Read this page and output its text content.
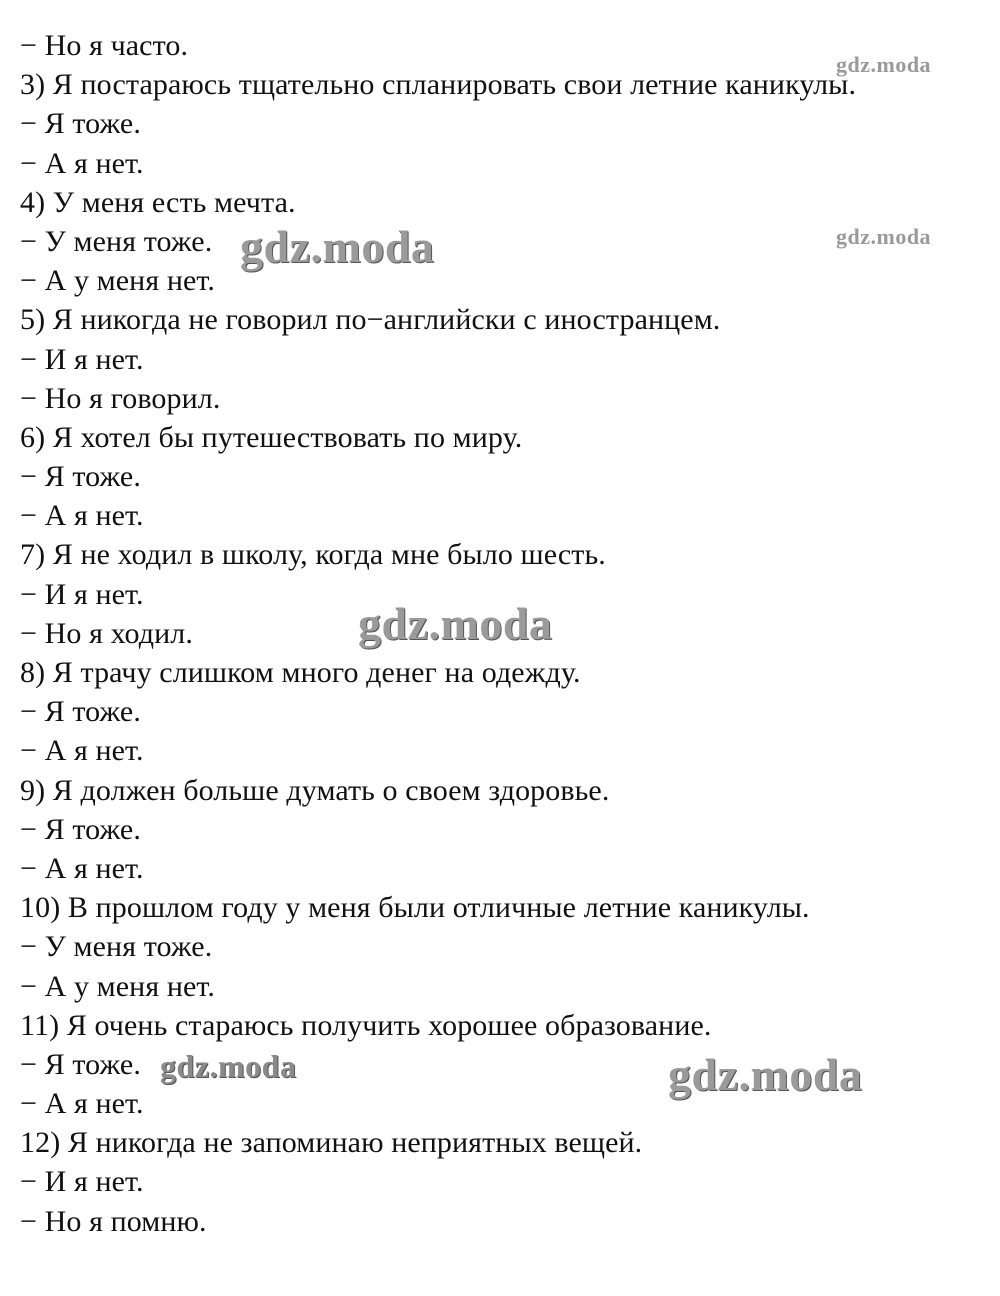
− Но я часто.
3) Я постараюсь тщательно спланировать свои летние каникулы.
− Я тоже.
− А я нет.
4) У меня есть мечта.
− У меня тоже.
− А у меня нет.
5) Я никогда не говорил по−английски с иностранцем.
− И я нет.
− Но я говорил.
6) Я хотел бы путешествовать по миру.
− Я тоже.
− А я нет.
7) Я не ходил в школу, когда мне было шесть.
− И я нет.
− Но я ходил.
8) Я трачу слишком много денег на одежду.
− Я тоже.
− А я нет.
9) Я должен больше думать о своем здоровье.
− Я тоже.
− А я нет.
10) В прошлом году у меня были отличные летние каникулы.
− У меня тоже.
− А у меня нет.
11) Я очень стараюсь получить хорошее образование.
− Я тоже.
− А я нет.
12) Я никогда не запоминаю неприятных вещей.
− И я нет.
− Но я помню.
gdz.moda
gdz.moda
gdz.moda
gdz.moda
gdz.moda	gdz.moda
